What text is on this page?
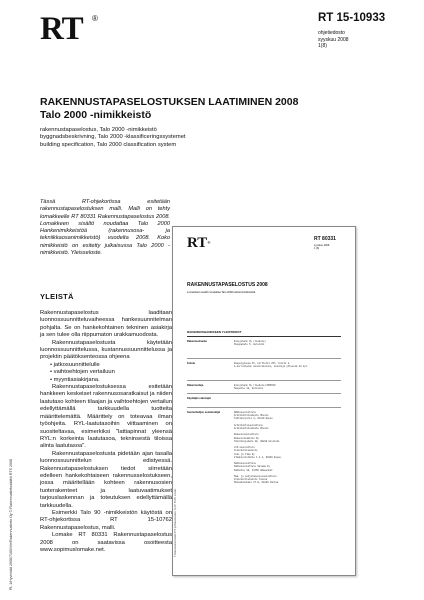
RT ®	RT 15-10933
ohjetiedosto
syyskuu 2008
1(8)
RAKENNUSTAPASELOSTUKSEN LAATIMINEN 2008
Talo 2000 -nimikkeistö
rakennustapaselostus, Talo 2000 -nimikkeistö
byggnadsbeskrivning, Talo 2000 -klassificeringssystemet
building specification, Talo 2000 classification system
Tässä RT-ohjekortissa esitetään rakennustapaselostuksen malli. Malli on tehty lomakkeelle RT 80331 Rakennustapaselostus 2008. Lomakkeen sisältö noudattaa Talo 2000 Hankenimikkeistöä (rakennusosa- ja tekniikkaosanimikkeistö) vuodelta 2008. Koko nimikkeistö on esitetty julkaisussa Talo 2000 -nimikkeistö. Yleisseloste.
YLEISTÄ

Rakennustapaselostus laaditaan luonnossuunnitteluvaiheessa hankesuunnitelman pohjalta. Se on hankekohtainen tekninen asiakirja ja sen tulee olla riippumaton urakkamuodosta.

Rakennustapaselostusta käytetään luonnossuunnittelussa, kustannussuunnittelussa ja projektin päätöksenteossa ohjeena

• jatkosuunnittelulle
• vaihtoehtojen vertailuun
• myyntiasiakirjana.

Rakennustapaselostuksessa esitetään hankkeen keskeiset rakennusosaratkaisut ja niiden laatutaso kohteen tilaajan ja vaihtoehtojen vertailun edellyttämällä tarkkuudella tuotteita määrittelemättä. Määrittely on toteavaa ilman työohjeita. RYL-laatutasoihin viittaaminen on suositeltavaa, esimerkiksi "lattiapinnat yleensä RYL:n korkeinta laatutasoa, tekninsestä tiloissa alinta laatutasoa".

Rakennustapaselostusta pidetään ajan tasalla luonnossuunnittelun edistyessä. Rakennustapaselostuksen tiedot siirretään edelleen hankekohtaiseen rakennusselostukseen, jossa määritellään kohteen rakennusosien tuoterakenteet ja laatuvaatimukset tarjouslaskennan ja toteutuksen edellyttämällä tarkkuudella.

Esimerkki Talo 90 -nimikkeistön käytöstä on RT-ohjekortissa RT 15-10762 Rakennustapaselostus, malli.

Lomake RT 80331 Rakennustapaselostus 2008 on saatavissa osoitteesta www.sopimuslomake.net.

PL 1/Hyvinkää 2008/7100/Vie/Rakennustieto Oy © Rakennustietosäätiö RTS 2008	© Rakennustietosäätiö RTS ja Rakennustieto Oy RT 80331 lomake
RT®
RT 80331
syyskuu 2008
1 (6)
RAKENNUSTAPASELOSTUS 2008
Lomakkeen sisältö noudattaa Talo 2000 Hankenimikkeistöä.
RAKENNUSHANKKEEN YLEISTIEDOT
Rakennushanke	Einojuhank Oy (tiedote)
Muuppakatu 5, Helsinki
Kohde	Kaupunginosa 15, korttelit 257, tontti 4.
A-kerrostalon asuinrakennus, asuntoja yhteensä 44 kpl.
Rakennuttaja	Einojuhank Oy (tiedote)/PRKTHO
Maupotie 18, Helsinki
Käyttäjän edustajat
Suunnittelijat, asiantuntijat	ARKkesuunnittelu
Arkkitehtitoimisto Oheste
Tahtikarpirii 4, 01110 Espoo

Arkkitehtisuunnittelu
Arkkitehtitoimisto Oheste

Rakennesuunnittelu
Rakennetoimisto Oy
Ydentikujakatu 2A, 00220 Helsinki

LVI-suunnittelu
Insinööritoimisto
Vesi ja Ilma Oy
Ilmakierintätie 1 A 4, 00440 Espoo

Sähkösuunnittelu
Sähkösuunnittelu Salama Ky
Sähkötie 38, 14750 Hämeenkat

Maa- ja pohjarakennesuunnittelu
Insinööritoimisto Tukeva
Maisakatukatu 27 B, 01820 Vantaa
